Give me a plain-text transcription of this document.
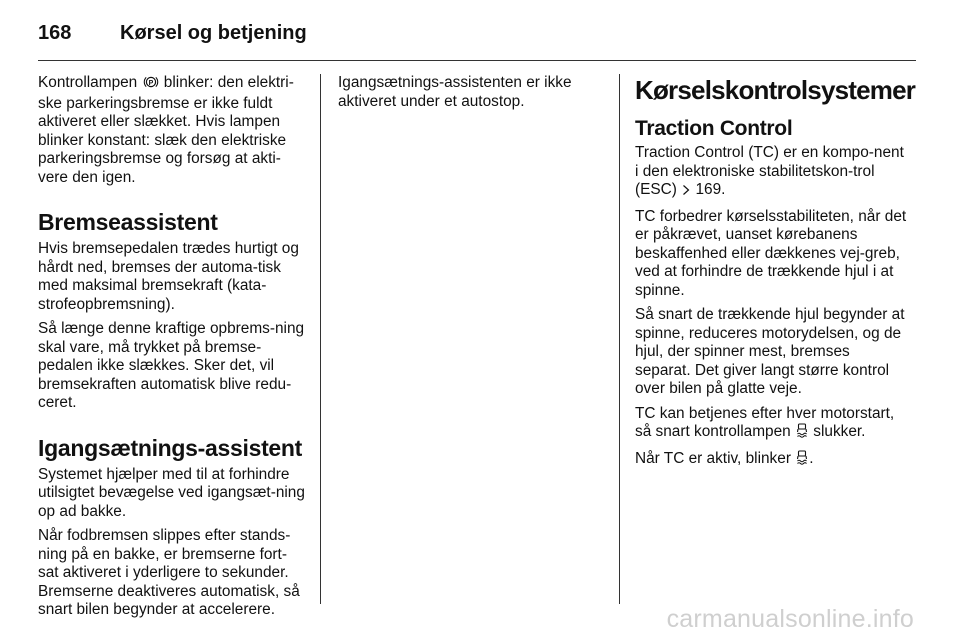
168	Kørsel og betjening

Kontrollampen P blinker: den elektri-ske parkeringsbremse er ikke fuldt aktiveret eller slækket. Hvis lampen blinker konstant: slæk den elektriske parkeringsbremse og forsøg at akti-vere den igen.

Bremseassistent

Hvis bremsepedalen trædes hurtigt og hårdt ned, bremses der automa-tisk med maksimal bremsekraft (kata-strofeopbremsning).

Så længe denne kraftige opbrems-ning skal vare, må trykket på bremse-pedalen ikke slækkes. Sker det, vil bremsekraften automatisk blive redu-ceret.

Igangsætnings-assistent

Systemet hjælper med til at forhindre utilsigtet bevægelse ved igangsæt-ning op ad bakke.

Når fodbremsen slippes efter stands-ning på en bakke, er bremserne fort-sat aktiveret i yderligere to sekunder. Bremserne deaktiveres automatisk, så snart bilen begynder at accelerere.

Igangsætnings-assistenten er ikke aktiveret under et autostop.	Kørselskontrolsystemer
Traction Control

Traction Control (TC) er en kompo-nent i den elektroniske stabilitetskon-trol (ESC) 169.

TC forbedrer kørselsstabiliteten, når det er påkrævet, uanset kørebanens beskaffenhed eller dækkenes vej-greb, ved at forhindre de trækkende hjul i at spinne.

Så snart de trækkende hjul begynder at spinne, reduceres motorydelsen, og de hjul, der spinner mest, bremses separat. Det giver langt større kontrol over bilen på glatte veje.

TC kan betjenes efter hver motorstart, så snart kontrollampen slukker.

Når TC er aktiv, blinker .

carmanualsonline.info
